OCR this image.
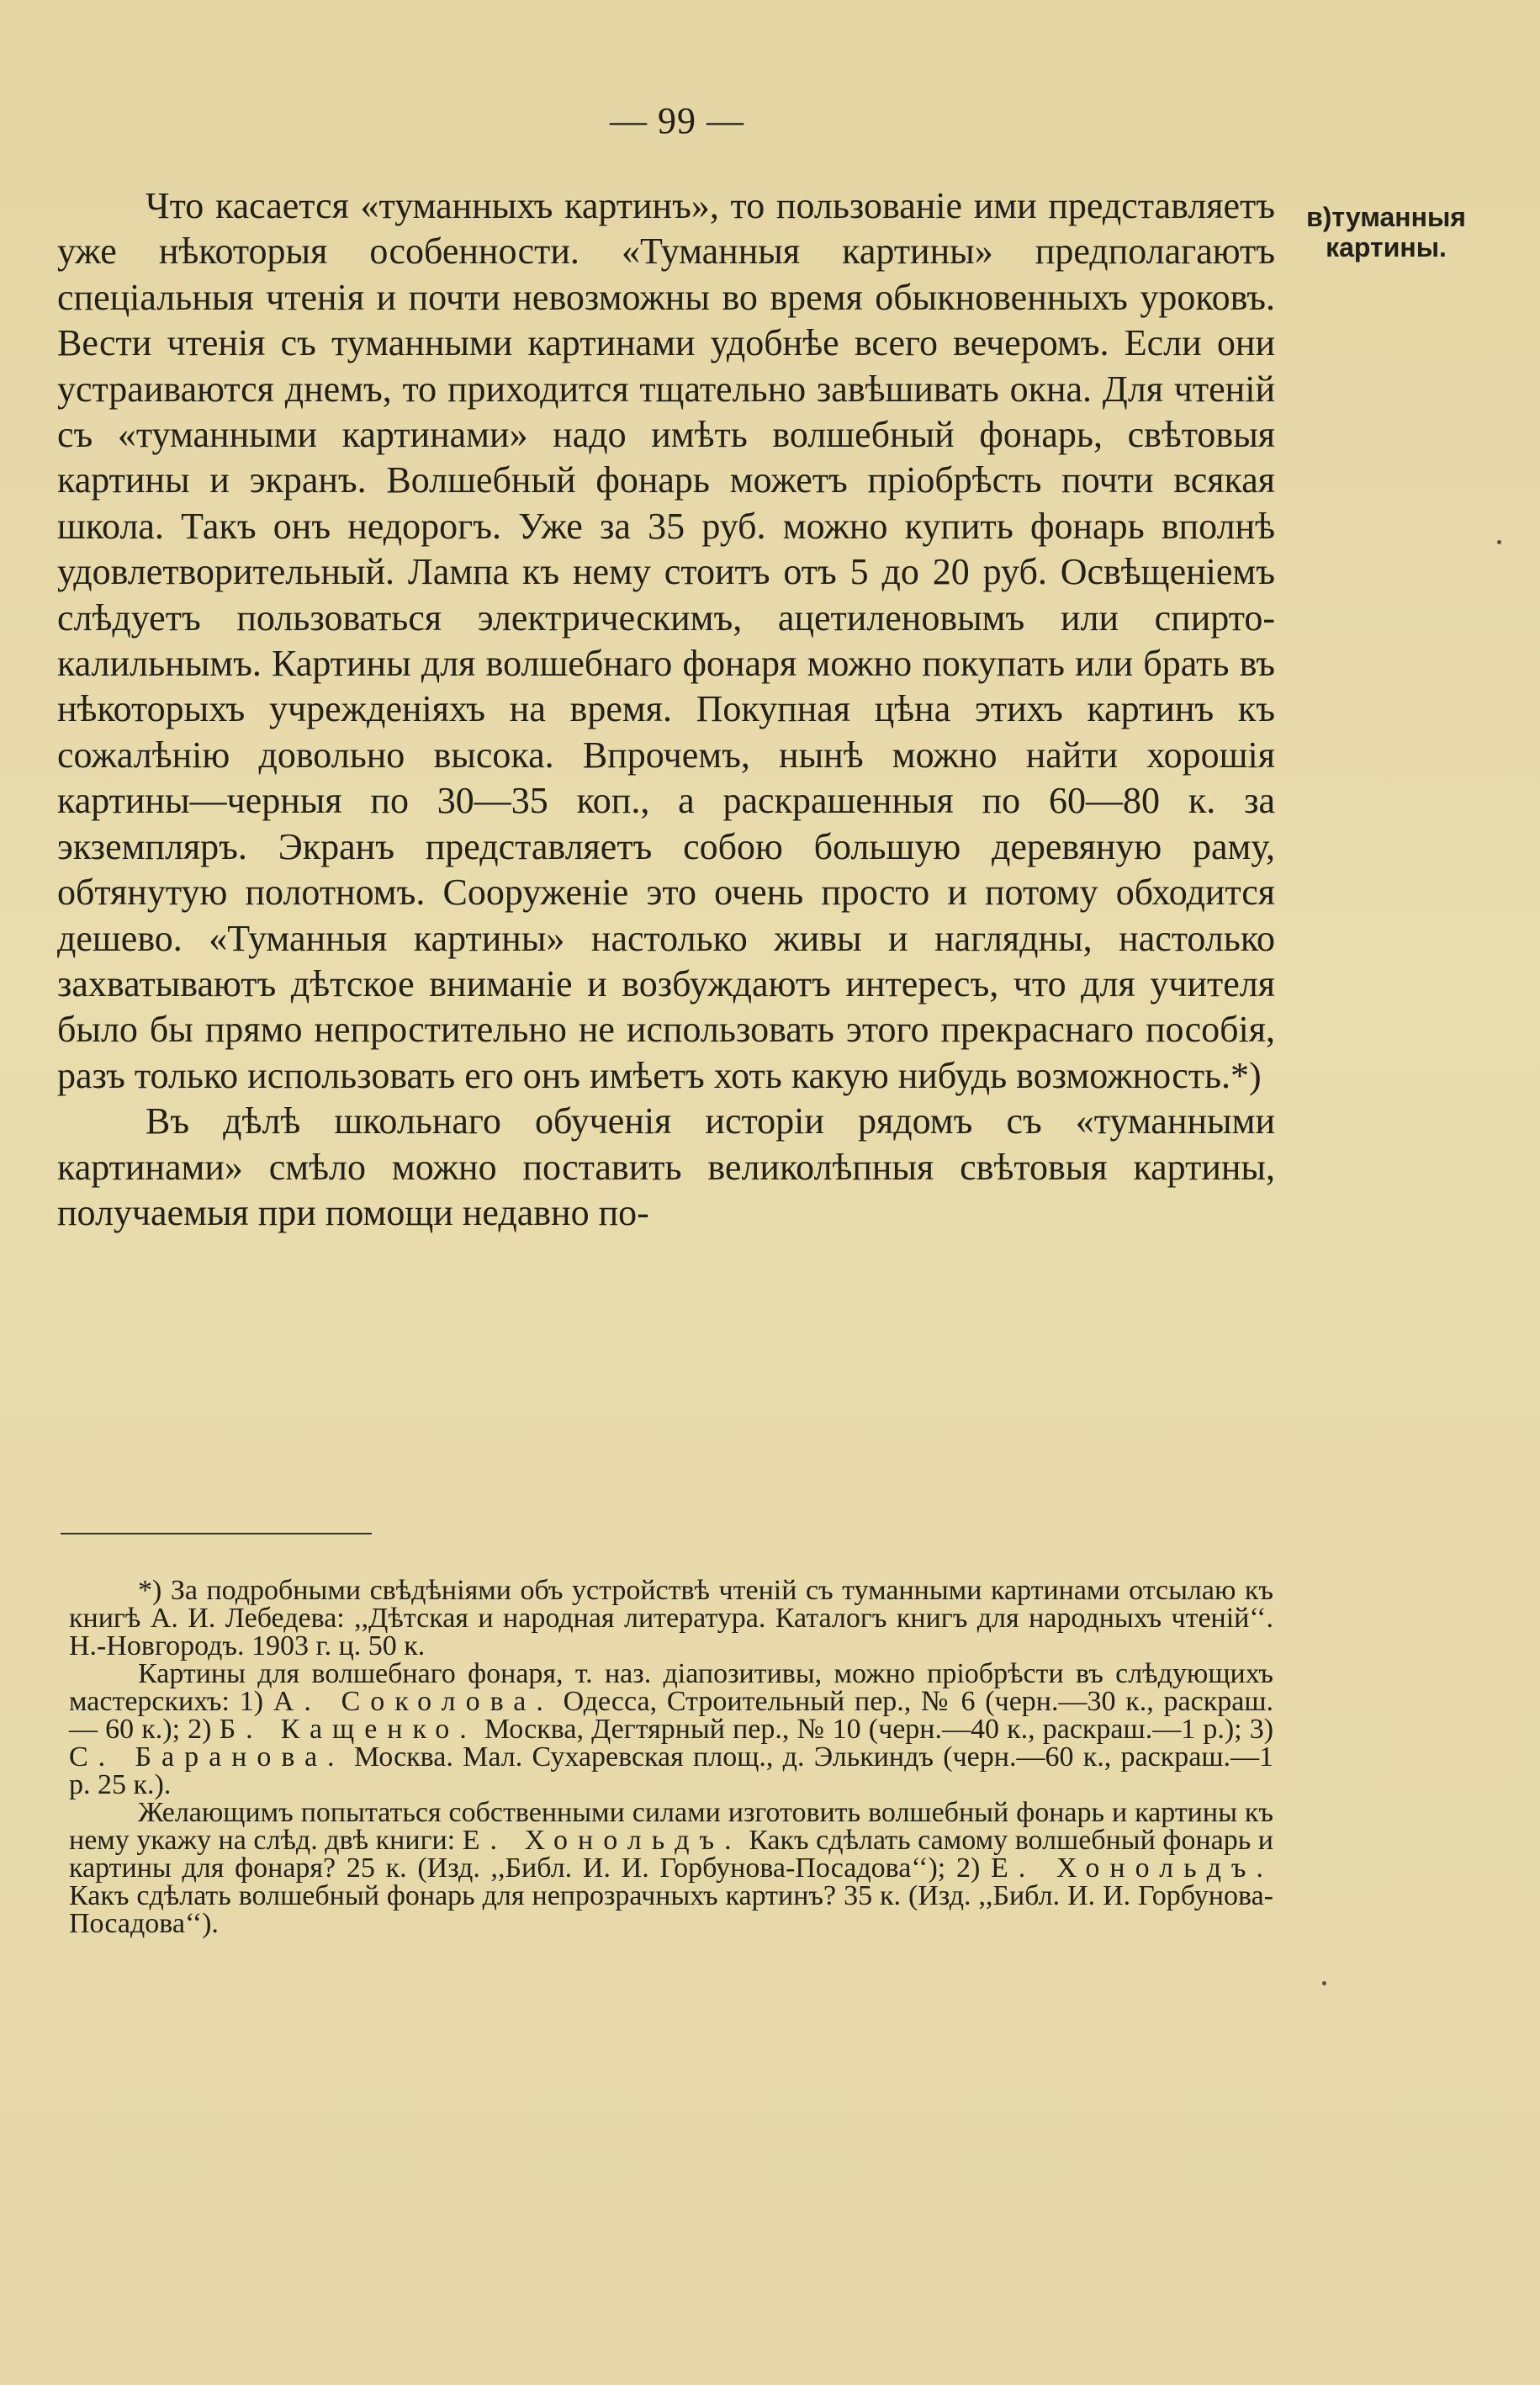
— 99 —
в)туманныя картины.

Что касается «туманныхъ картинъ», то пользованіе ими представляетъ уже нѣкоторыя особенности. «Туманныя картины» предполагаютъ спеціальныя чтенія и почти невозможны во время обыкновенныхъ уроковъ. Вести чтенія съ туманными картинами удобнѣе всего вечеромъ. Если они устраиваются днемъ, то приходится тщательно завѣшивать окна. Для чтеній съ «туманными картинами» надо имѣть волшебный фонарь, свѣтовыя картины и экранъ. Волшебный фонарь можетъ пріобрѣсть почти всякая школа. Такъ онъ недорогъ. Уже за 35 руб. можно купить фонарь вполнѣ удовлетворительный. Лампа къ нему стоитъ отъ 5 до 20 руб. Освѣщеніемъ слѣдуетъ пользоваться электрическимъ, ацетиленовымъ или спирто-калильнымъ. Картины для волшебнаго фонаря можно покупать или брать въ нѣкоторыхъ учрежденіяхъ на время. Покупная цѣна этихъ картинъ къ сожалѣнію довольно высока. Впрочемъ, нынѣ можно найти хорошія картины—черныя по 30—35 коп., а раскрашенныя по 60—80 к. за экземпляръ. Экранъ представляетъ собою большую деревяную раму, обтянутую полотномъ. Сооруженіе это очень просто и потому обходится дешево. «Туманныя картины» настолько живы и наглядны, настолько захватываютъ дѣтское вниманіе и возбуждаютъ интересъ, что для учителя было бы прямо непростительно не использовать этого прекраснаго пособія, разъ только использовать его онъ имѣетъ хоть какую нибудь возможность.*)

Въ дѣлѣ школьнаго обученія исторіи рядомъ съ «туманными картинами» смѣло можно поставить великолѣпныя свѣтовыя картины, получаемыя при помощи недавно по-

*) За подробными свѣдѣніями объ устройствѣ чтеній съ туманными картинами отсылаю къ книгѣ А. И. Лебедева: ,,Дѣтская и народная литература. Каталогъ книгъ для народныхъ чтеній‘‘. Н.-Новгородъ. 1903 г. ц. 50 к.

Картины для волшебнаго фонаря, т. наз. діапозитивы, можно пріобрѣсти въ слѣдующихъ мастерскихъ: 1) А. Соколова. Одесса, Строительный пер., № 6 (черн.—30 к., раскраш. — 60 к.); 2) Б. Кащенко. Москва, Дегтярный пер., № 10 (черн.—40 к., раскраш.—1 р.); 3) С. Баранова. Москва. Мал. Сухаревская площ., д. Элькиндъ (черн.—60 к., раскраш.—1 р. 25 к.).

Желающимъ попытаться собственными силами изготовить волшебный фонарь и картины къ нему укажу на слѣд. двѣ книги: Е. Хонольдъ. Какъ сдѣлать самому волшебный фонарь и картины для фонаря? 25 к. (Изд. ,,Библ. И. И. Горбунова-Посадова‘‘); 2) Е. Хонольдъ. Какъ сдѣлать волшебный фонарь для непрозрачныхъ картинъ? 35 к. (Изд. ,,Библ. И. И. Горбунова-Посадова‘‘).
